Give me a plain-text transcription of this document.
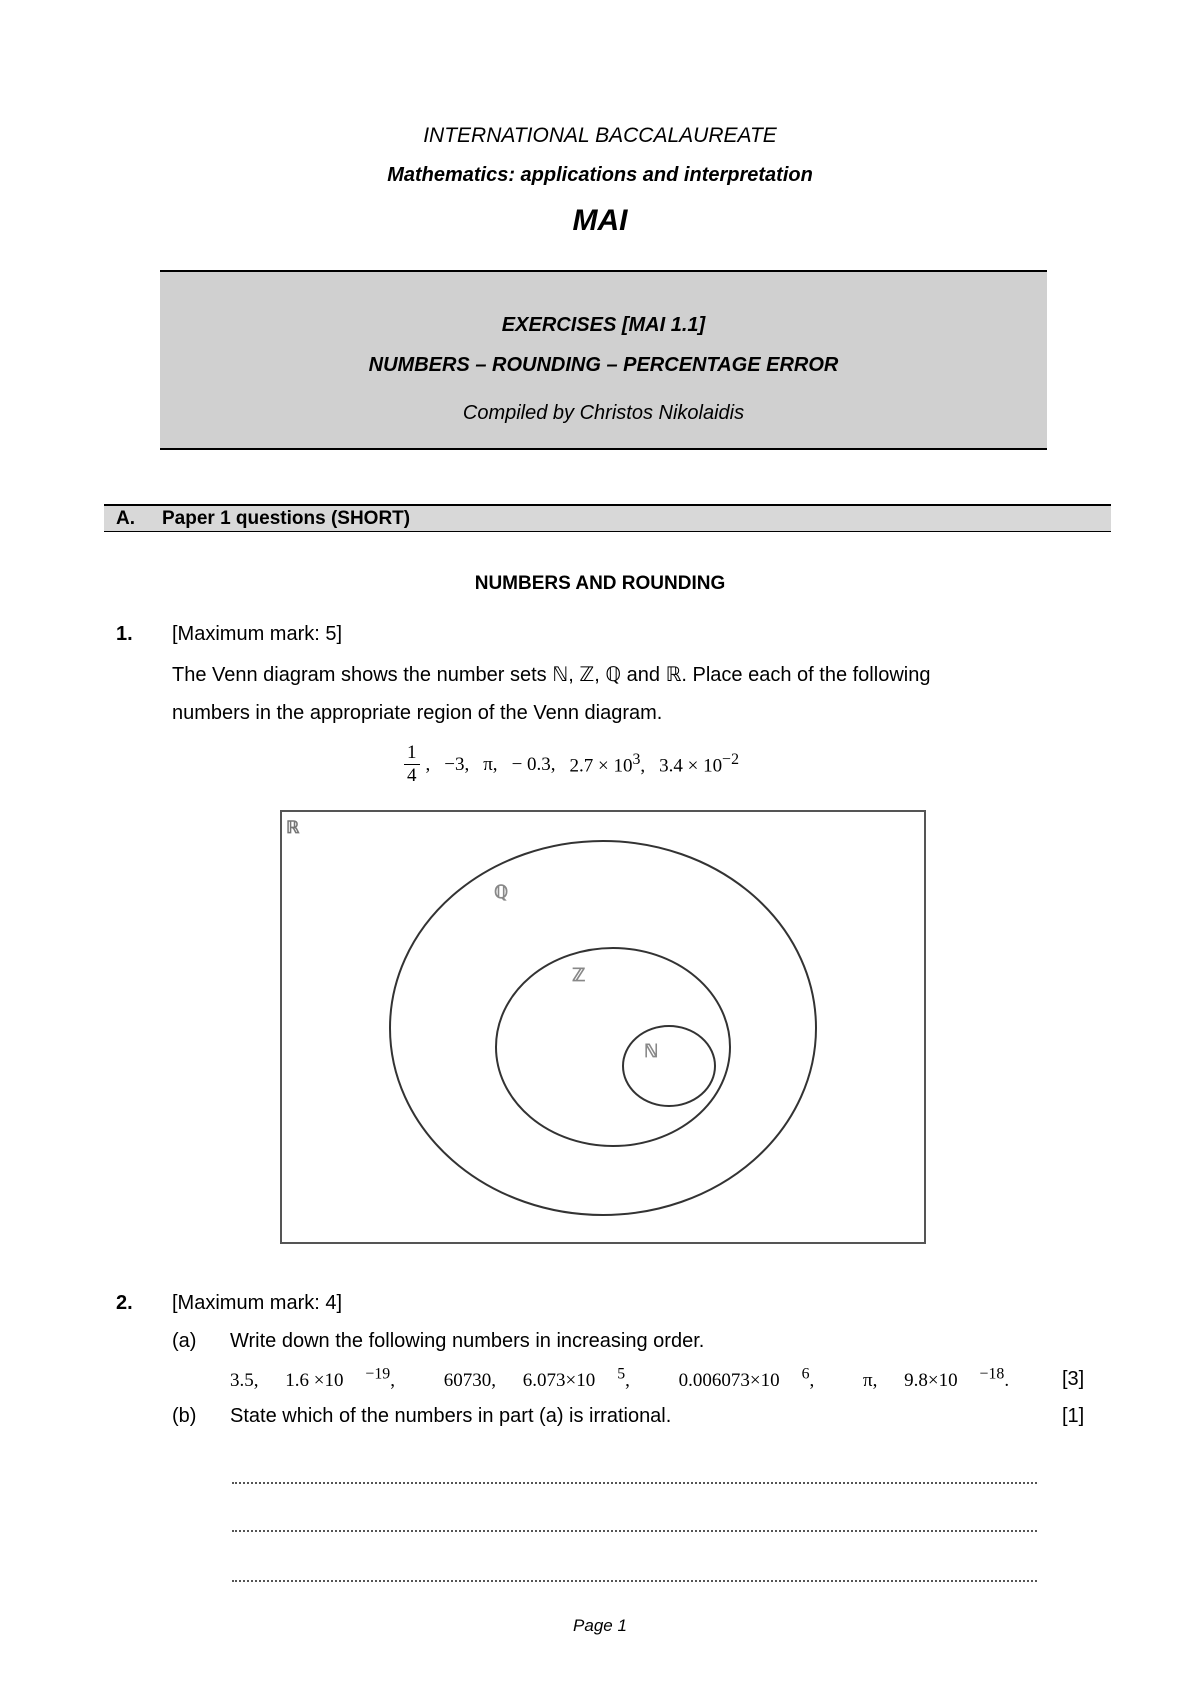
INTERNATIONAL BACCALAUREATE
Mathematics: applications and interpretation
MAI
EXERCISES [MAI 1.1]
NUMBERS – ROUNDING – PERCENTAGE ERROR
Compiled by Christos Nikolaidis
A. Paper 1 questions (SHORT)
NUMBERS AND ROUNDING
1. [Maximum mark: 5]
The Venn diagram shows the number sets ℕ, ℤ, ℚ and ℝ. Place each of the following
numbers in the appropriate region of the Venn diagram.
$\frac{1}{4}$ , −3, π, − 0.3, $2.7 \times 10^3$, $3.4 \times 10^{-2}$
ℝ
ℚ
ℤ
ℕ
2. [Maximum mark: 4]
(a) Write down the following numbers in increasing order.
3.5, 1.6 ×10 $^{-19}$,	60730, 6.073×10 $^5$,	0.006073×10 $^6$,	π, 9.8×10 $^{-18}$.	[3]
(b) State which of the numbers in part (a) is irrational.	[1]
Page 1
